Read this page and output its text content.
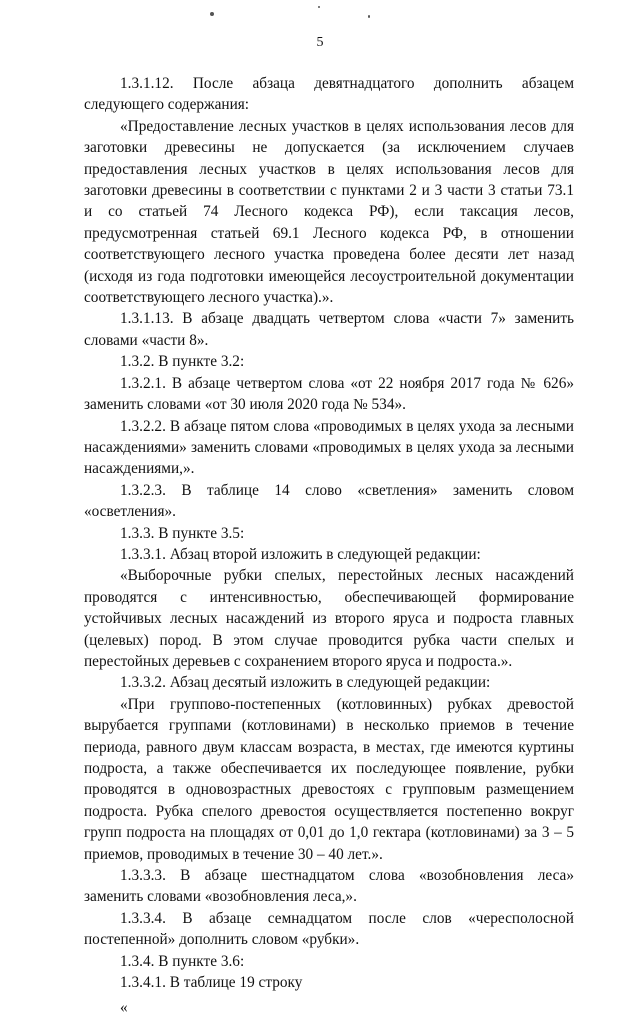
5

1.3.1.12. После абзаца девятнадцатого дополнить абзацем следующего содержания:

«Предоставление лесных участков в целях использования лесов для заготовки древесины не допускается (за исключением случаев предоставления лесных участков в целях использования лесов для заготовки древесины в соответствии с пунктами 2 и 3 части 3 статьи 73.1 и со статьей 74 Лесного кодекса РФ), если таксация лесов, предусмотренная статьей 69.1 Лесного кодекса РФ, в отношении соответствующего лесного участка проведена более десяти лет назад (исходя из года подготовки имеющейся лесоустроительной документации соответствующего лесного участка).».

1.3.1.13. В абзаце двадцать четвертом слова «части 7» заменить словами «части 8».

1.3.2. В пункте 3.2:

1.3.2.1. В абзаце четвертом слова «от 22 ноября 2017 года № 626» заменить словами «от 30 июля 2020 года № 534».

1.3.2.2. В абзаце пятом слова «проводимых в целях ухода за лесными насаждениями» заменить словами «проводимых в целях ухода за лесными насаждениями,».

1.3.2.3. В таблице 14 слово «светления» заменить словом «осветления».

1.3.3. В пункте 3.5:

1.3.3.1. Абзац второй изложить в следующей редакции:

«Выборочные рубки спелых, перестойных лесных насаждений проводятся с интенсивностью, обеспечивающей формирование устойчивых лесных насаждений из второго яруса и подроста главных (целевых) пород. В этом случае проводится рубка части спелых и перестойных деревьев с сохранением второго яруса и подроста.».

1.3.3.2. Абзац десятый изложить в следующей редакции:

«При группово-постепенных (котловинных) рубках древостой вырубается группами (котловинами) в несколько приемов в течение периода, равного двум классам возраста, в местах, где имеются куртины подроста, а также обеспечивается их последующее появление, рубки проводятся в одновозрастных древостоях с групповым размещением подроста. Рубка спелого древостоя осуществляется постепенно вокруг групп подроста на площадях от 0,01 до 1,0 гектара (котловинами) за 3 – 5 приемов, проводимых в течение 30 – 40 лет.».

1.3.3.3. В абзаце шестнадцатом слова «возобновления леса» заменить словами «возобновления леса,».

1.3.3.4. В абзаце семнадцатом после слов «чересполосной постепенной» дополнить словом «рубки».

1.3.4. В пункте 3.6:

1.3.4.1. В таблице 19 строку

«
